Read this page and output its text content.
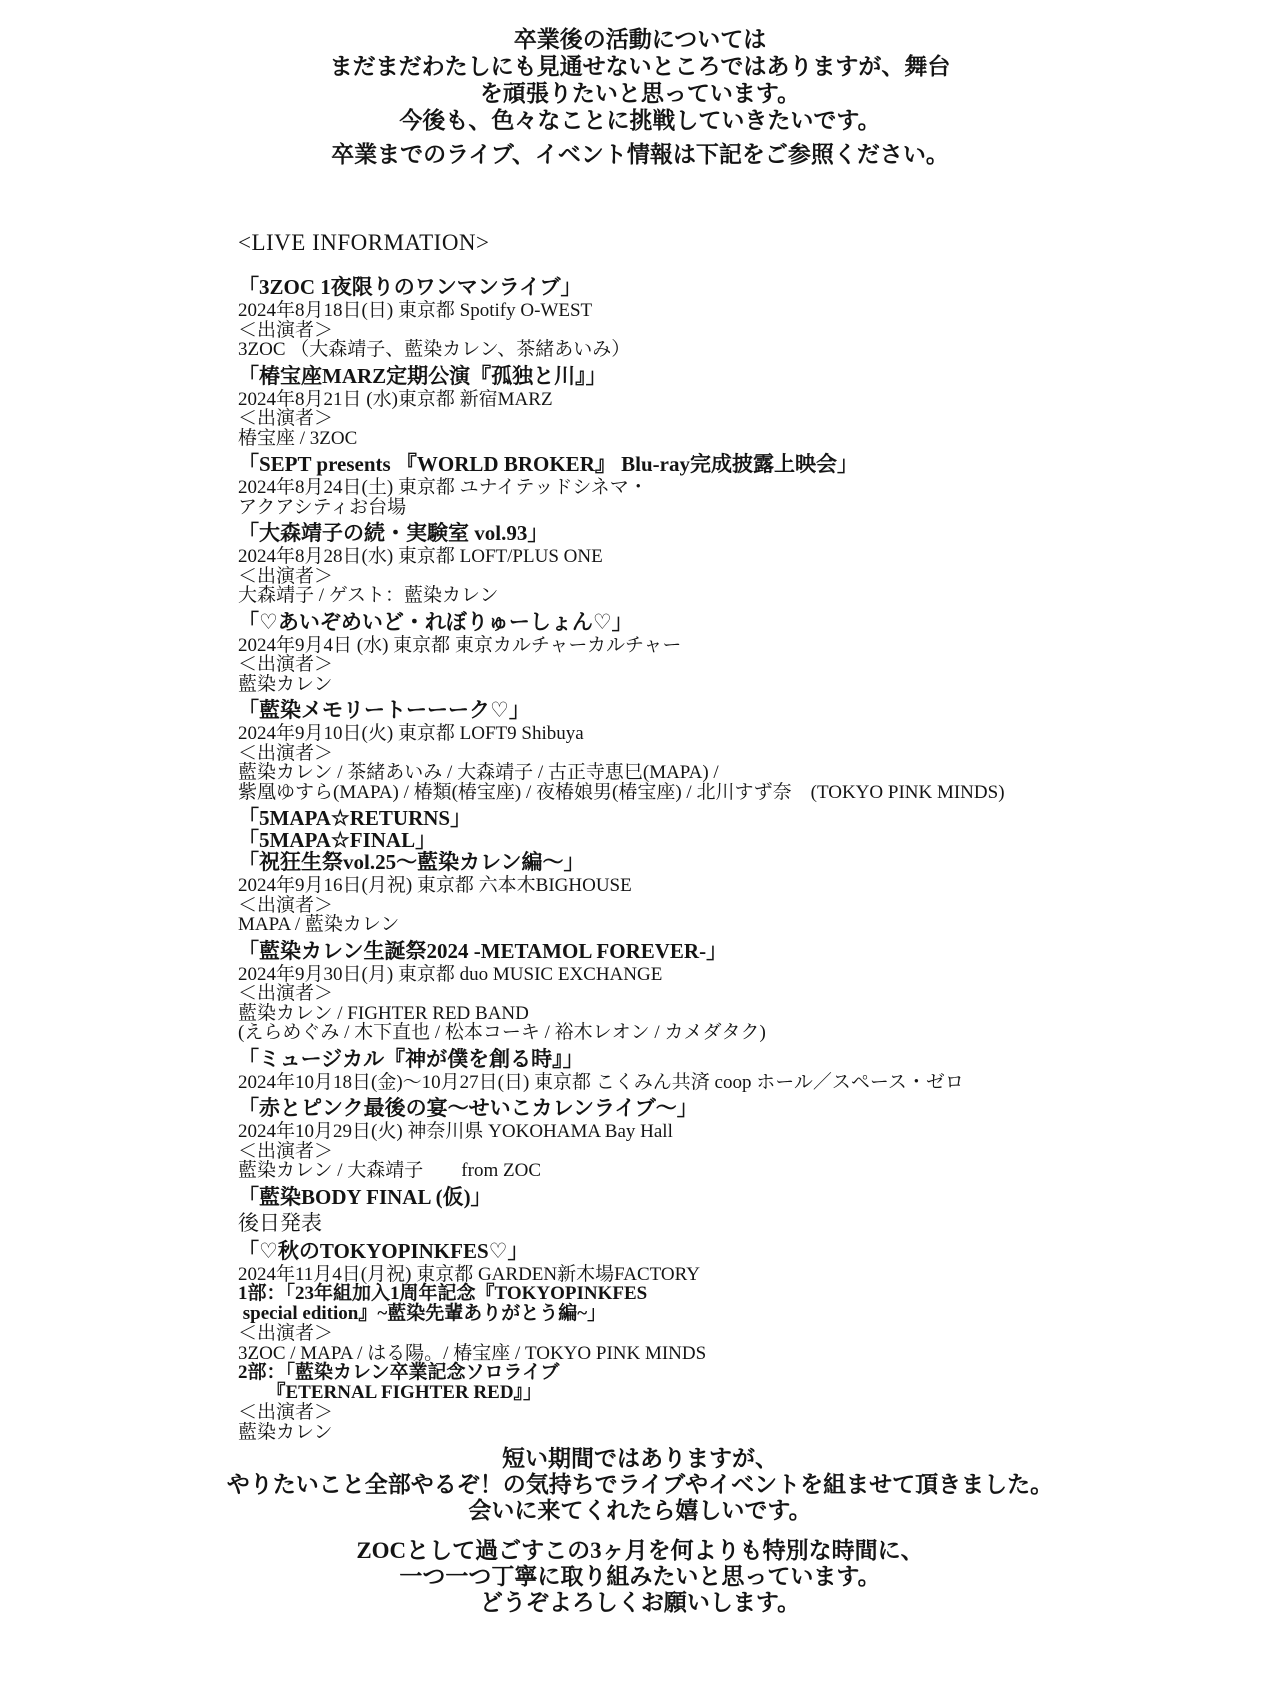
卒業後の活動については
まだまだわたしにも見通せないところではありますが、舞台
を頑張りたいと思っています。
今後も、色々なことに挑戦していきたいです。
卒業までのライブ、イベント情報は下記をご参照ください。
<LIVE INFORMATION>
「3ZOC 1夜限りのワンマンライブ」
2024年8月18日(日) 東京都 Spotify O-WEST
＜出演者＞
3ZOC （大森靖子、藍染カレン、茶緒あいみ）
「椿宝座MARZ定期公演『孤独と川』」
2024年8月21日 (水)東京都 新宿MARZ
＜出演者＞
椿宝座 / 3ZOC
「SEPT presents 『WORLD BROKER』 Blu-ray完成披露上映会」
2024年8月24日(土) 東京都 ユナイテッドシネマ・
アクアシティお台場
「大森靖子の続・実験室 vol.93」
2024年8月28日(水) 東京都 LOFT/PLUS ONE
＜出演者＞
大森靖子 / ゲスト：藍染カレン
「♡あいぞめいど・れぼりゅーしょん♡」
2024年9月4日 (水) 東京都 東京カルチャーカルチャー
＜出演者＞
藍染カレン
「藍染メモリートーーーク♡」
2024年9月10日(火) 東京都 LOFT9 Shibuya
＜出演者＞
藍染カレン / 茶緒あいみ / 大森靖子 / 古正寺恵巳(MAPA) /
紫凰ゆすら(MAPA) / 椿類(椿宝座) / 夜椿娘男(椿宝座) / 北川すず奈　(TOKYO PINK MINDS)
「5MAPA☆RETURNS」
「5MAPA☆FINAL」
「祝狂生祭vol.25〜藍染カレン編〜」
2024年9月16日(月祝) 東京都 六本木BIGHOUSE
＜出演者＞
MAPA / 藍染カレン
「藍染カレン生誕祭2024 -METAMOL FOREVER-」
2024年9月30日(月) 東京都 duo MUSIC EXCHANGE
＜出演者＞
藍染カレン / FIGHTER RED BAND
(えらめぐみ / 木下直也 / 松本コーキ / 裕木レオン / カメダタク)
「ミュージカル『神が僕を創る時』」
2024年10月18日(金)〜10月27日(日) 東京都 こくみん共済 coop ホール／スペース・ゼロ
「赤とピンク最後の宴〜せいこカレンライブ〜」
2024年10月29日(火) 神奈川県 YOKOHAMA Bay Hall
＜出演者＞
藍染カレン / 大森靖子　　from ZOC
「藍染BODY FINAL (仮)」
後日発表
「♡秋のTOKYOPINKFES♡」
2024年11月4日(月祝) 東京都 GARDEN新木場FACTORY
1部：「23年組加入1周年記念『TOKYOPINKFES
special edition』~藍染先輩ありがとう編~」
＜出演者＞
3ZOC / MAPA / はる陽。/ 椿宝座 / TOKYO PINK MINDS
2部：「藍染カレン卒業記念ソロライブ
　　『ETERNAL FIGHTER RED』」
＜出演者＞
藍染カレン
短い期間ではありますが、
やりたいこと全部やるぞ！の気持ちでライブやイベントを組ませて頂きました。
会いに来てくれたら嬉しいです。
ZOCとして過ごすこの3ヶ月を何よりも特別な時間に、
一つ一つ丁寧に取り組みたいと思っています。
どうぞよろしくお願いします。
